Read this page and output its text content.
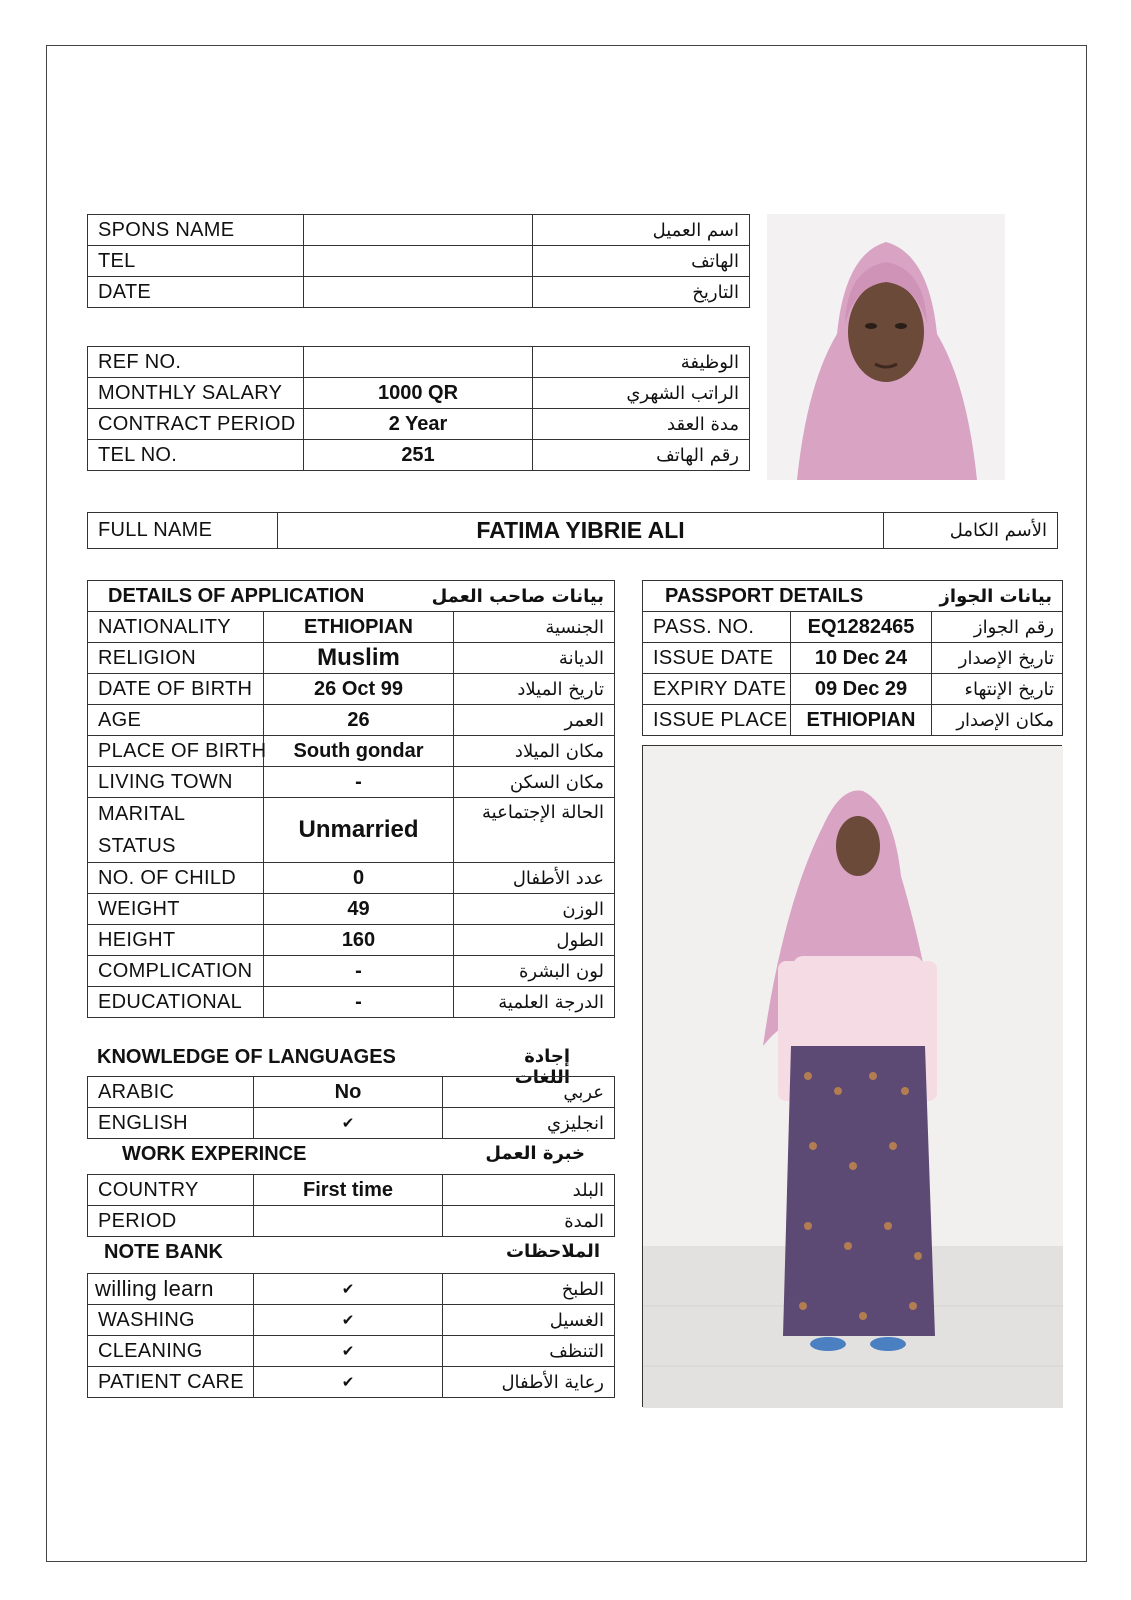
SPONS NAME		اسم العميل
TEL		الهاتف
DATE		التاريخ
REF NO.		الوظيفة
MONTHLY SALARY	1000 QR	الراتب الشهري
CONTRACT PERIOD	2 Year	مدة العقد
TEL NO.	251	رقم الهاتف
FULL NAME	FATIMA YIBRIE ALI	الأسم الكامل
DETAILS OF APPLICATION		بيانات صاحب العمل
NATIONALITY	ETHIOPIAN	الجنسية
RELIGION	Muslim	الديانة
DATE OF BIRTH	26 Oct 99	تاريخ الميلاد
AGE	26	العمر
PLACE OF BIRTH	South gondar	مكان الميلاد
LIVING TOWN	-	مكان السكن

MARITAL
STATUS	Unmarried	الحالة الإجتماعية
NO. OF CHILD	0	عدد الأطفال
WEIGHT	49	الوزن
HEIGHT	160	الطول
COMPLICATION	-	لون البشرة
EDUCATIONAL	-	الدرجة العلمية
KNOWLEDGE OF LANGUAGES	إجادة اللغات
ARABIC	No	عربي
ENGLISH	✔	انجليزي
WORK EXPERINCE	خبرة العمل
COUNTRY	First time	البلد
PERIOD		المدة
NOTE BANK	الملاحظات
willing learn	✔	الطبخ
WASHING	✔	الغسيل
CLEANING	✔	التنظف
PATIENT CARE	✔	رعاية الأطفال
PASSPORT DETAILS		بيانات الجواز
PASS. NO.	EQ1282465	رقم الجواز
ISSUE DATE	10 Dec 24	تاريخ الإصدار
EXPIRY DATE	09 Dec 29	تاريخ الإنتهاء
ISSUE PLACE	ETHIOPIAN	مكان الإصدار
